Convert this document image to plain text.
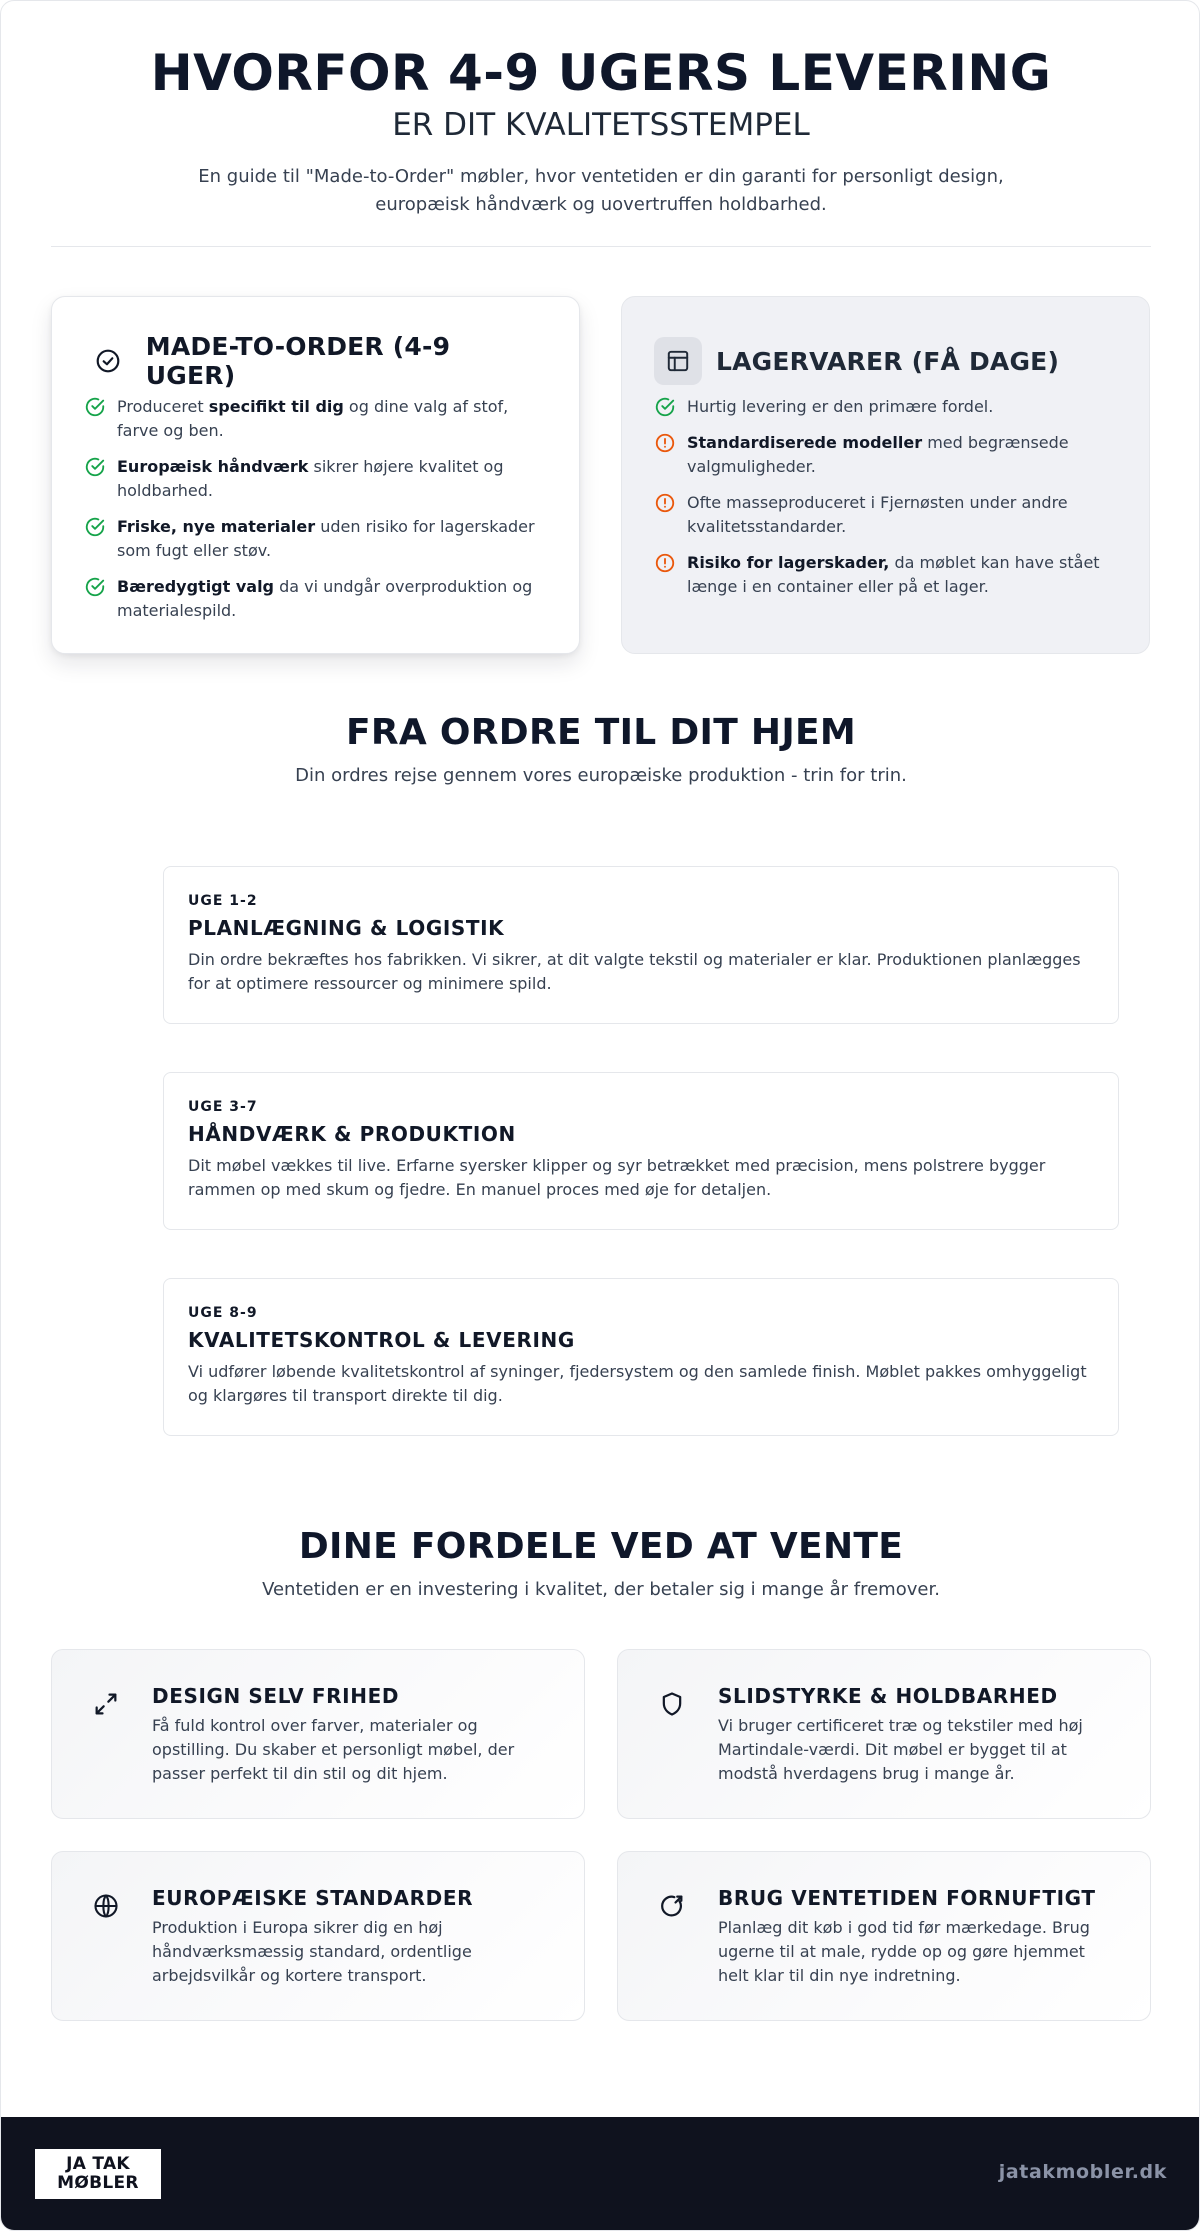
HVORFOR 4-9 UGERS LEVERING
ER DIT KVALITETSSTEMPEL

En guide til "Made-to-Order" møbler, hvor ventetiden er din garanti for personligt design, europæisk håndværk og uovertruffen holdbarhed.

MADE-TO-ORDER (4-9 UGER)
Produceret specifikt til dig og dine valg af stof, farve og ben.
Europæisk håndværk sikrer højere kvalitet og holdbarhed.
Friske, nye materialer uden risiko for lagerskader som fugt eller støv.
Bæredygtigt valg da vi undgår overproduktion og materialespild.
LAGERVARER (FÅ DAGE)
Hurtig levering er den primære fordel.
Standardiserede modeller med begrænsede valgmuligheder.
Ofte masseproduceret i Fjernøsten under andre kvalitetsstandarder.
Risiko for lagerskader, da møblet kan have stået længe i en container eller på et lager.
FRA ORDRE TIL DIT HJEM

Din ordres rejse gennem vores europæiske produktion - trin for trin.

UGE 1-2
PLANLÆGNING & LOGISTIK
Din ordre bekræftes hos fabrikken. Vi sikrer, at dit valgte tekstil og materialer er klar. Produktionen planlægges for at optimere ressourcer og minimere spild.
UGE 3-7
HÅNDVÆRK & PRODUKTION
Dit møbel vækkes til live. Erfarne syersker klipper og syr betrækket med præcision, mens polstrere bygger rammen op med skum og fjedre. En manuel proces med øje for detaljen.
UGE 8-9
KVALITETSKONTROL & LEVERING
Vi udfører løbende kvalitetskontrol af syninger, fjedersystem og den samlede finish. Møblet pakkes omhyggeligt og klargøres til transport direkte til dig.
DINE FORDELE VED AT VENTE

Ventetiden er en investering i kvalitet, der betaler sig i mange år fremover.

DESIGN SELV FRIHED
Få fuld kontrol over farver, materialer og opstilling. Du skaber et personligt møbel, der passer perfekt til din stil og dit hjem.
SLIDSTYRKE & HOLDBARHED
Vi bruger certificeret træ og tekstiler med høj Martindale-værdi. Dit møbel er bygget til at modstå hverdagens brug i mange år.
EUROPÆISKE STANDARDER
Produktion i Europa sikrer dig en høj håndværksmæssig standard, ordentlige arbejdsvilkår og kortere transport.
BRUG VENTETIDEN FORNUFTIGT
Planlæg dit køb i god tid før mærkedage. Brug ugerne til at male, rydde op og gøre hjemmet helt klar til din nye indretning.
JA TAK
MØBLER	jatakmobler.dk
